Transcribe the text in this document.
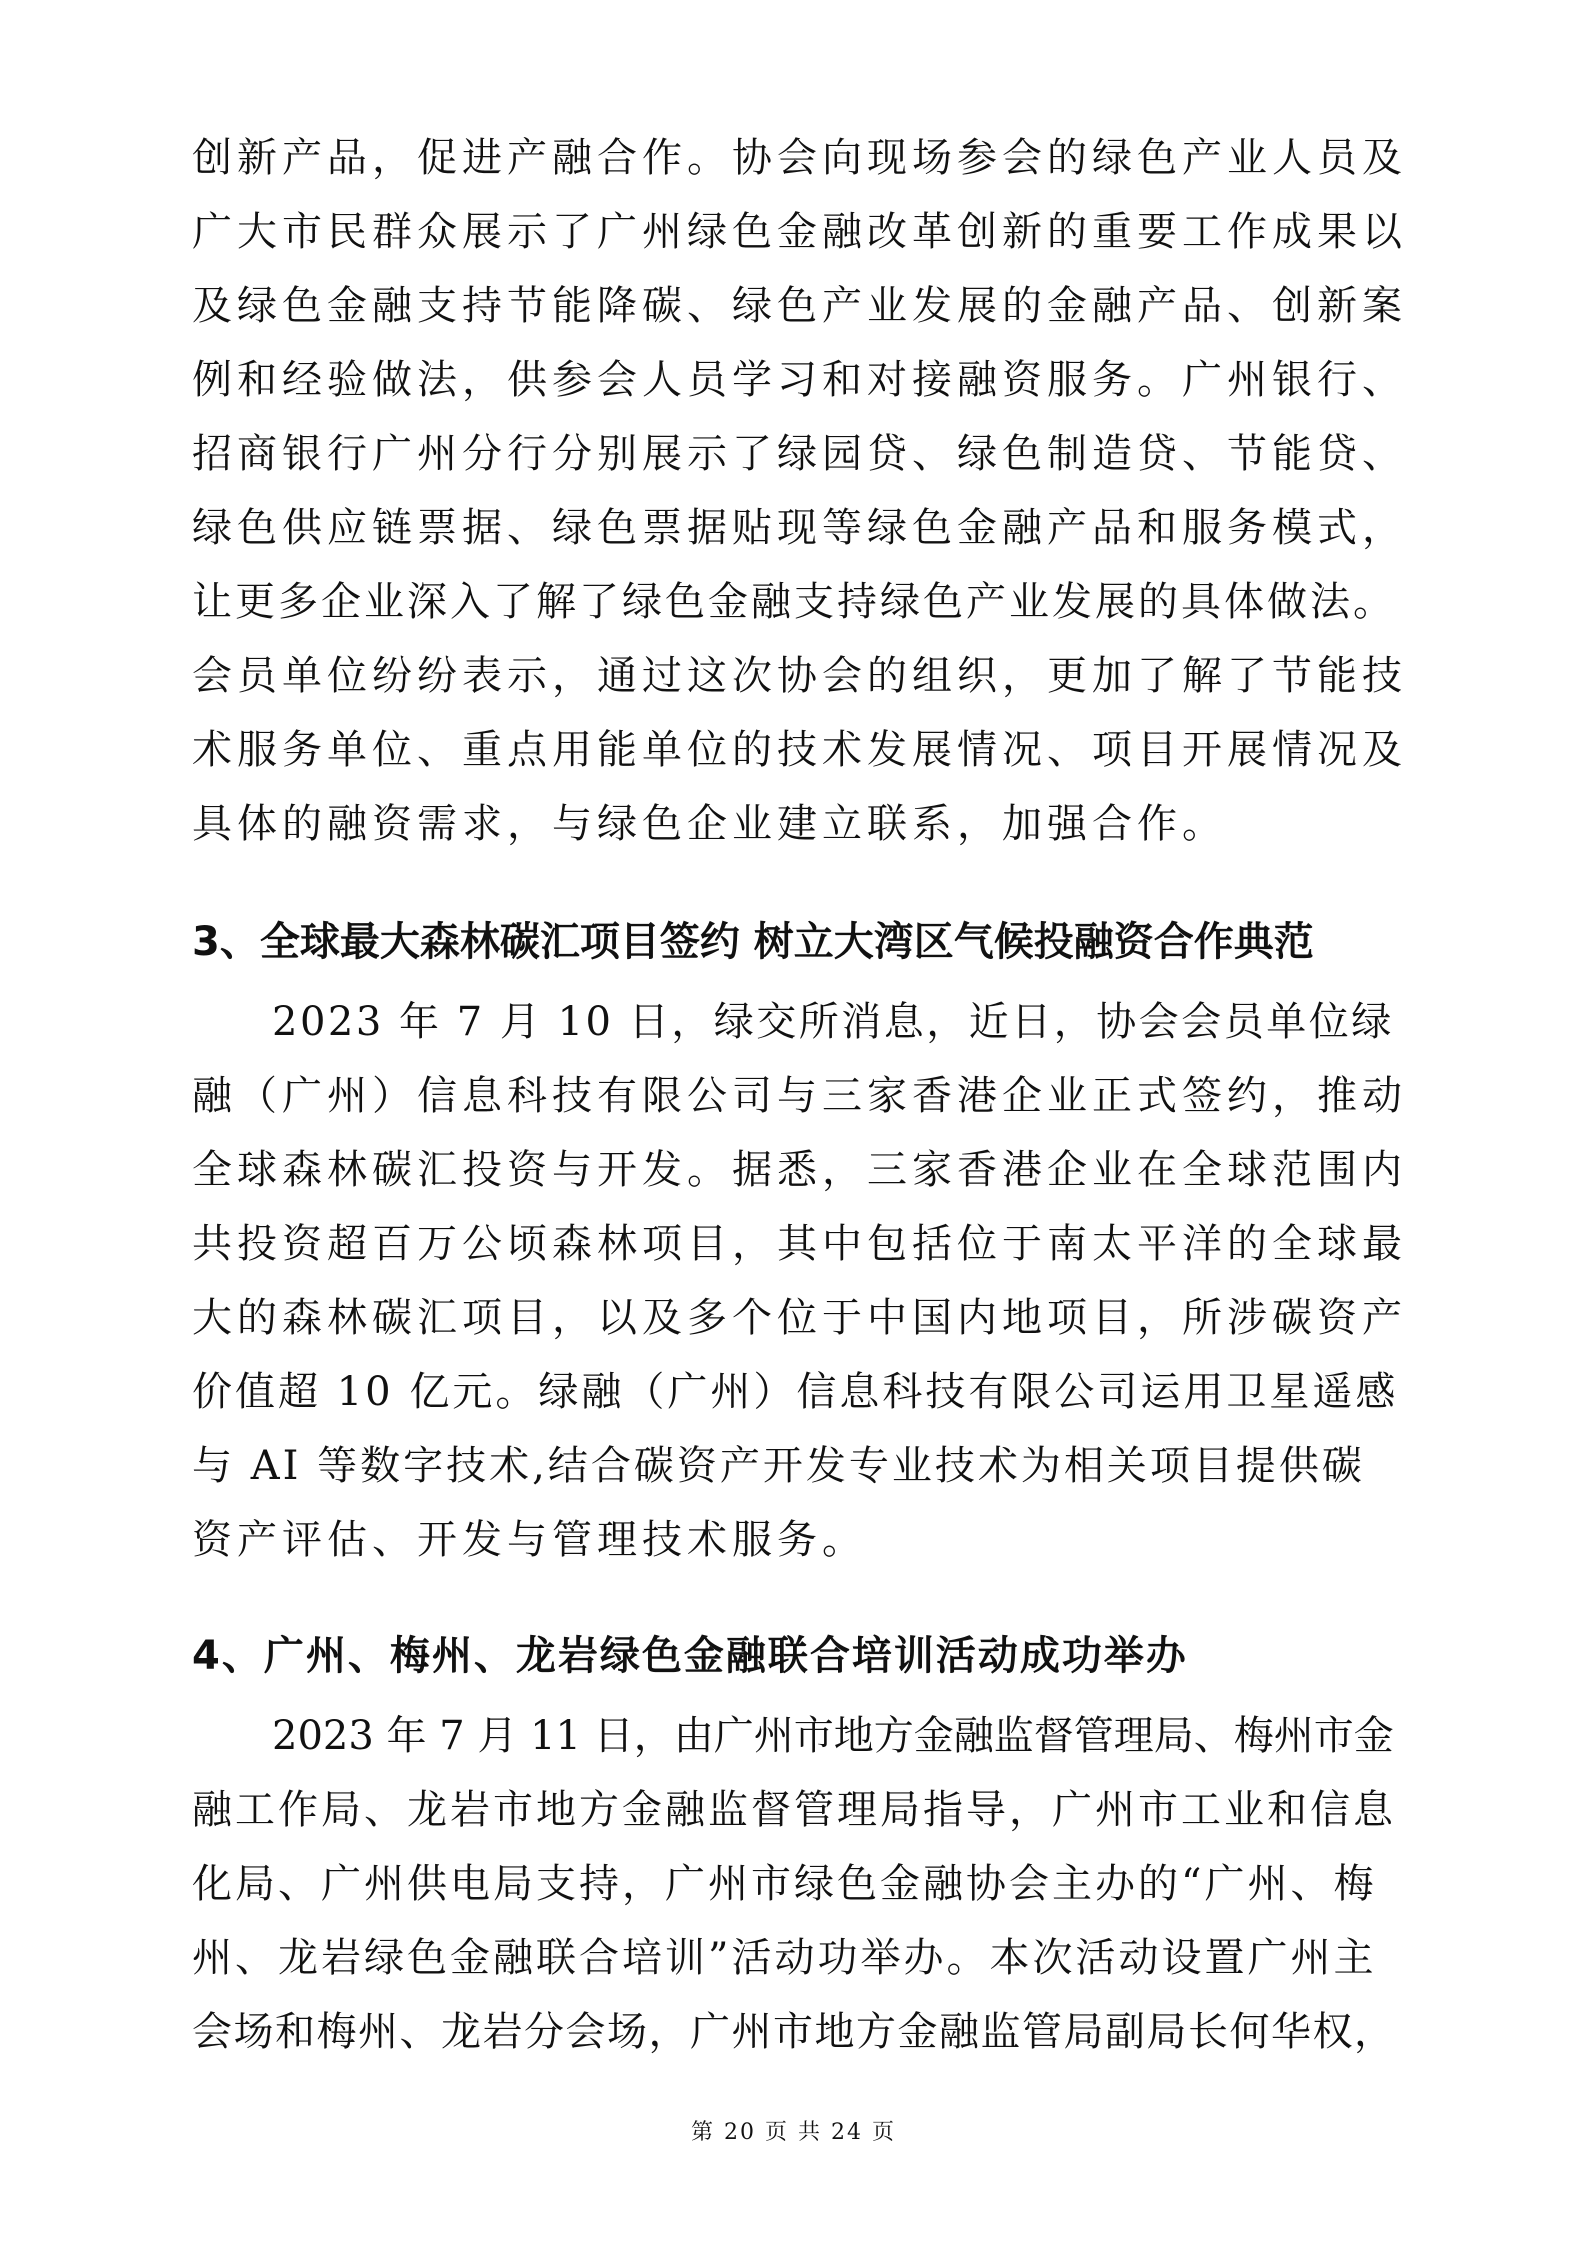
创新产品，促进产融合作。协会向现场参会的绿色产业人员及
广大市民群众展示了广州绿色金融改革创新的重要工作成果以
及绿色金融支持节能降碳、绿色产业发展的金融产品、创新案
例和经验做法，供参会人员学习和对接融资服务。广州银行、
招商银行广州分行分别展示了绿园贷、绿色制造贷、节能贷、
绿色供应链票据、绿色票据贴现等绿色金融产品和服务模式，
让更多企业深入了解了绿色金融支持绿色产业发展的具体做法。
会员单位纷纷表示，通过这次协会的组织，更加了解了节能技
术服务单位、重点用能单位的技术发展情况、项目开展情况及
具体的融资需求，与绿色企业建立联系，加强合作。
3、全球最大森林碳汇项目签约 树立大湾区气候投融资合作典范
2023 年 7 月 10 日，绿交所消息，近日，协会会员单位绿
融（广州）信息科技有限公司与三家香港企业正式签约，推动
全球森林碳汇投资与开发。据悉，三家香港企业在全球范围内
共投资超百万公顷森林项目，其中包括位于南太平洋的全球最
大的森林碳汇项目，以及多个位于中国内地项目，所涉碳资产
价值超 10 亿元。绿融（广州）信息科技有限公司运用卫星遥感
与 AI 等数字技术,结合碳资产开发专业技术为相关项目提供碳
资产评估、开发与管理技术服务。
4、广州、梅州、龙岩绿色金融联合培训活动成功举办
2023 年 7 月 11 日，由广州市地方金融监督管理局、梅州市金
融工作局、龙岩市地方金融监督管理局指导，广州市工业和信息
化局、广州供电局支持，广州市绿色金融协会主办的“广州、梅
州、龙岩绿色金融联合培训”活动功举办。本次活动设置广州主
会场和梅州、龙岩分会场，广州市地方金融监管局副局长何华权，
第 20 页 共 24 页
